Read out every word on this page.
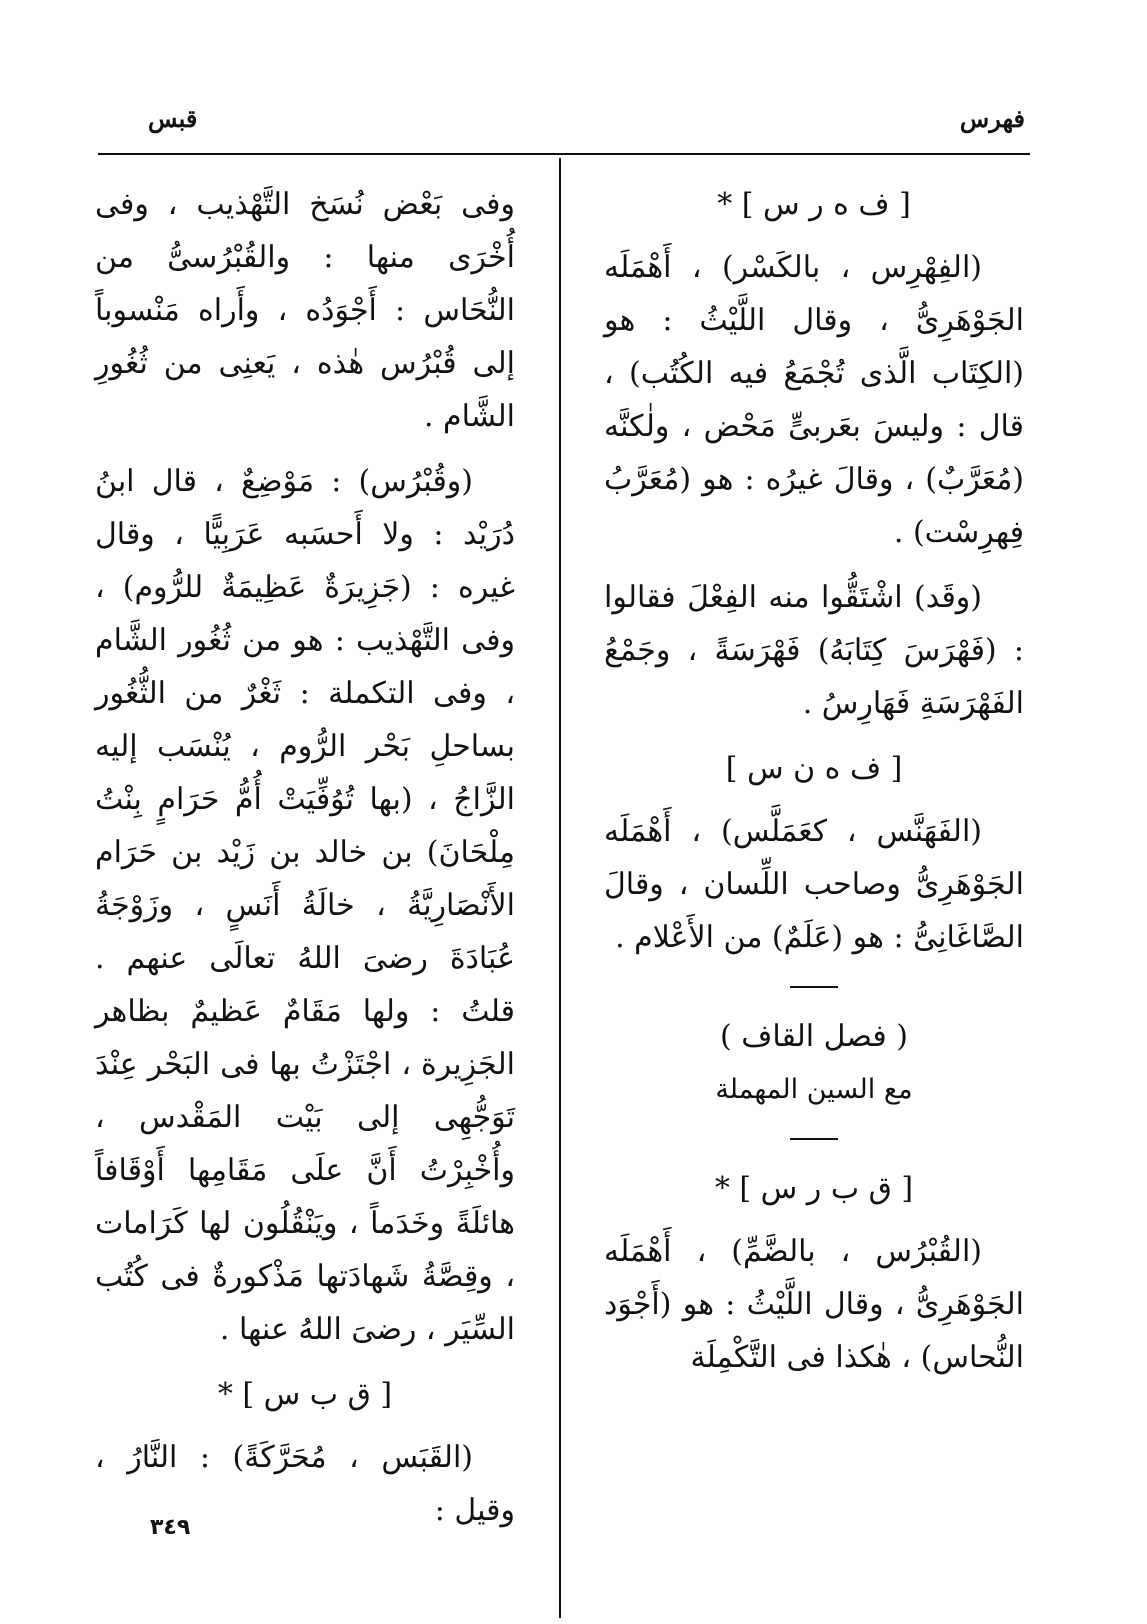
فهرس
قبس

[ ف ه ر س ] *

(الفِهْرِس ، بالكَسْر) ، أَهْمَلَه الجَوْهَرِىُّ ، وقال اللَّيْثُ : هو (الكِتَاب الَّذى تُجْمَعُ فيه الكُتُب) ، قال : وليسَ بعَربىٍّ مَحْض ، ولٰكنَّه (مُعَرَّبٌ) ، وقالَ غيرُه : هو (مُعَرَّبُ فِهرِسْت) .

(وقَد) اشْتَقُّوا منه الفِعْلَ فقالوا : (فَهْرَسَ كِتَابَهُ) فَهْرَسَةً ، وجَمْعُ الفَهْرَسَةِ فَهَارِسُ .

[ ف ه ن س ]

(الفَهَنَّس ، كعَمَلَّس) ، أَهْمَلَه الجَوْهَرِىُّ وصاحب اللِّسان ، وقالَ الصَّاغَانِىُّ : هو (عَلَمٌ) من الأَعْلام .

( فصل القاف )

مع السين المهملة

[ ق ب ر س ] *

(القُبْرُس ، بالضَّمِّ) ، أَهْمَلَه الجَوْهَرِىُّ ، وقال اللَّيْثُ : هو (أَجْوَد النُّحاس) ، هٰكذا فى التَّكْمِلَة

وفى بَعْض نُسَخ التَّهْذيب ، وفى أُخْرَى منها : والقُبْرُسىُّ من النُّحَاس : أَجْوَدُه ، وأَراه مَنْسوباً إلى قُبْرُس هٰذه ، يَعنِى من ثُغُورِ الشَّام .

(وقُبْرُس) : مَوْضِعٌ ، قال ابنُ دُرَيْد : ولا أَحسَبه عَرَبِيًّا ، وقال غيره : (جَزِيرَةٌ عَظِيمَةٌ للرُّوم) ، وفى التَّهْذيب : هو من ثُغُور الشَّام ، وفى التكملة : ثَغْرٌ من الثُّغُور بساحلِ بَحْر الرُّوم ، يُنْسَب إليه الزَّاجُ ، (بها تُوُفِّيَتْ أُمُّ حَرَامٍ بِنْتُ مِلْحَانَ) بن خالد بن زَيْد بن حَرَام الأَنْصَارِيَّةُ ، خالَةُ أَنَسٍ ، وزَوْجَةُ عُبَادَةَ رضىَ اللهُ تعالَى عنهم . قلتُ : ولها مَقَامٌ عَظيمٌ بظاهر الجَزِيرة ، اجْتَزْتُ بها فى البَحْر عِنْدَ تَوَجُّهِى إلى بَيْت المَقْدس ، وأُخْبِرْتُ أَنَّ علَى مَقَامِها أَوْقَافاً هائلَةً وخَدَماً ، ويَنْقُلُون لها كَرَامات ، وقِصَّةُ شَهادَتها مَذْكورةٌ فى كُتُب السِّيَر ، رضىَ اللهُ عنها .

[ ق ب س ] *

(القَبَس ، مُحَرَّكَةً) : النَّارُ ، وقيل :

٣٤٩
